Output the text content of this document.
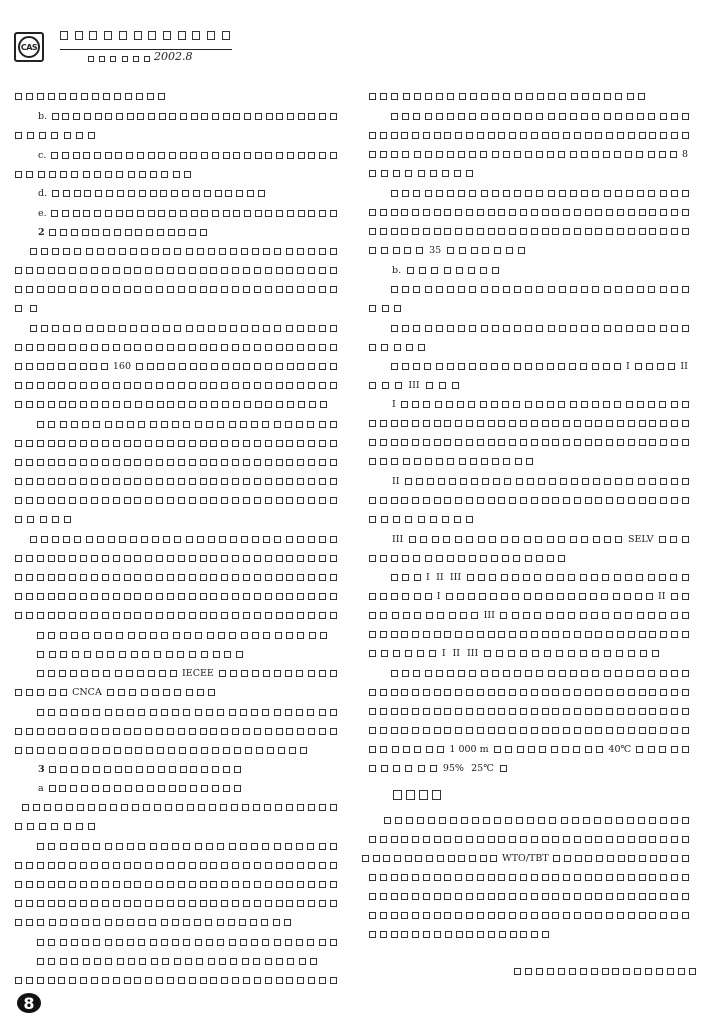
CAS
2002.8
b.
c.
d.
e.
2
160
IECEE
CNCA
3
a
8
35
b.
I	II
III
I
II
III	SELV
I II III
I	II
III
I II III
1 000 m	40℃
95% 25℃
WTO/TBT
8
